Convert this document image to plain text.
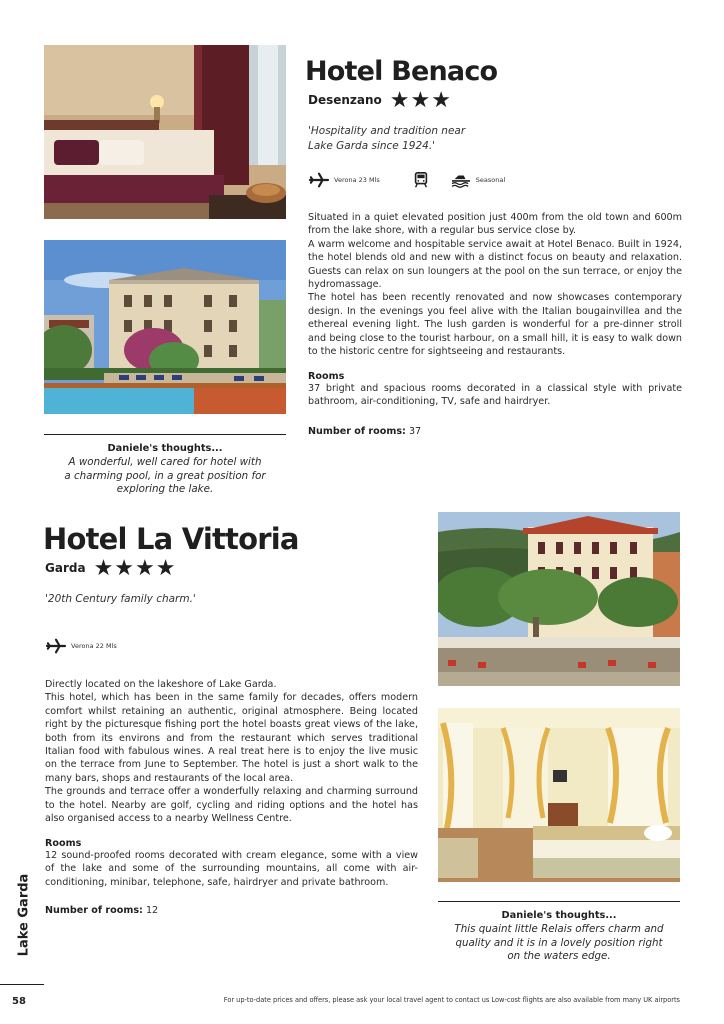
Hotel Benaco
Desenzano ★★★
'Hospitality and tradition near
Lake Garda since 1924.'
Verona 23 Mls	Seasonal

Situated in a quiet elevated position just 400m from the old town and 600m from the lake shore, with a regular bus service close by.

A warm welcome and hospitable service await at Hotel Benaco. Built in 1924, the hotel blends old and new with a distinct focus on beauty and relaxation. Guests can relax on sun loungers at the pool on the sun terrace, or enjoy the hydromassage.

The hotel has been recently renovated and now showcases contemporary design. In the evenings you feel alive with the Italian bougainvillea and the ethereal evening light. The lush garden is wonderful for a pre-dinner stroll and being close to the tourist harbour, on a small hill, it is easy to walk down to the historic centre for sightseeing and restaurants.

Rooms
37 bright and spacious rooms decorated in a classical style with private bathroom, air-conditioning, TV, safe and hairdryer.
Number of rooms: 37
Daniele's thoughts...
A wonderful, well cared for hotel with
a charming pool, in a great position for
exploring the lake.
Hotel La Vittoria
Garda ★★★★
'20th Century family charm.'
Verona 22 Mls

Directly located on the lakeshore of Lake Garda.

This hotel, which has been in the same family for decades, offers modern comfort whilst retaining an authentic, original atmosphere. Being located right by the picturesque fishing port the hotel boasts great views of the lake, both from its environs and from the restaurant which serves traditional Italian food with fabulous wines. A real treat here is to enjoy the live music on the terrace from June to September. The hotel is just a short walk to the many bars, shops and restaurants of the local area.

The grounds and terrace offer a wonderfully relaxing and charming surround to the hotel. Nearby are golf, cycling and riding options and the hotel has also organised access to a nearby Wellness Centre.

Rooms
12 sound-proofed rooms decorated with cream elegance, some with a view of the lake and some of the surrounding mountains, all come with air-conditioning, minibar, telephone, safe, hairdryer and private bathroom.
Number of rooms: 12	Daniele's thoughts...
This quaint little Relais offers charm and
quality and it is in a lovely position right
on the waters edge.
Lake Garda
58	For up-to-date prices and offers, please ask your local travel agent to contact us Low-cost flights are also available from many UK airports
